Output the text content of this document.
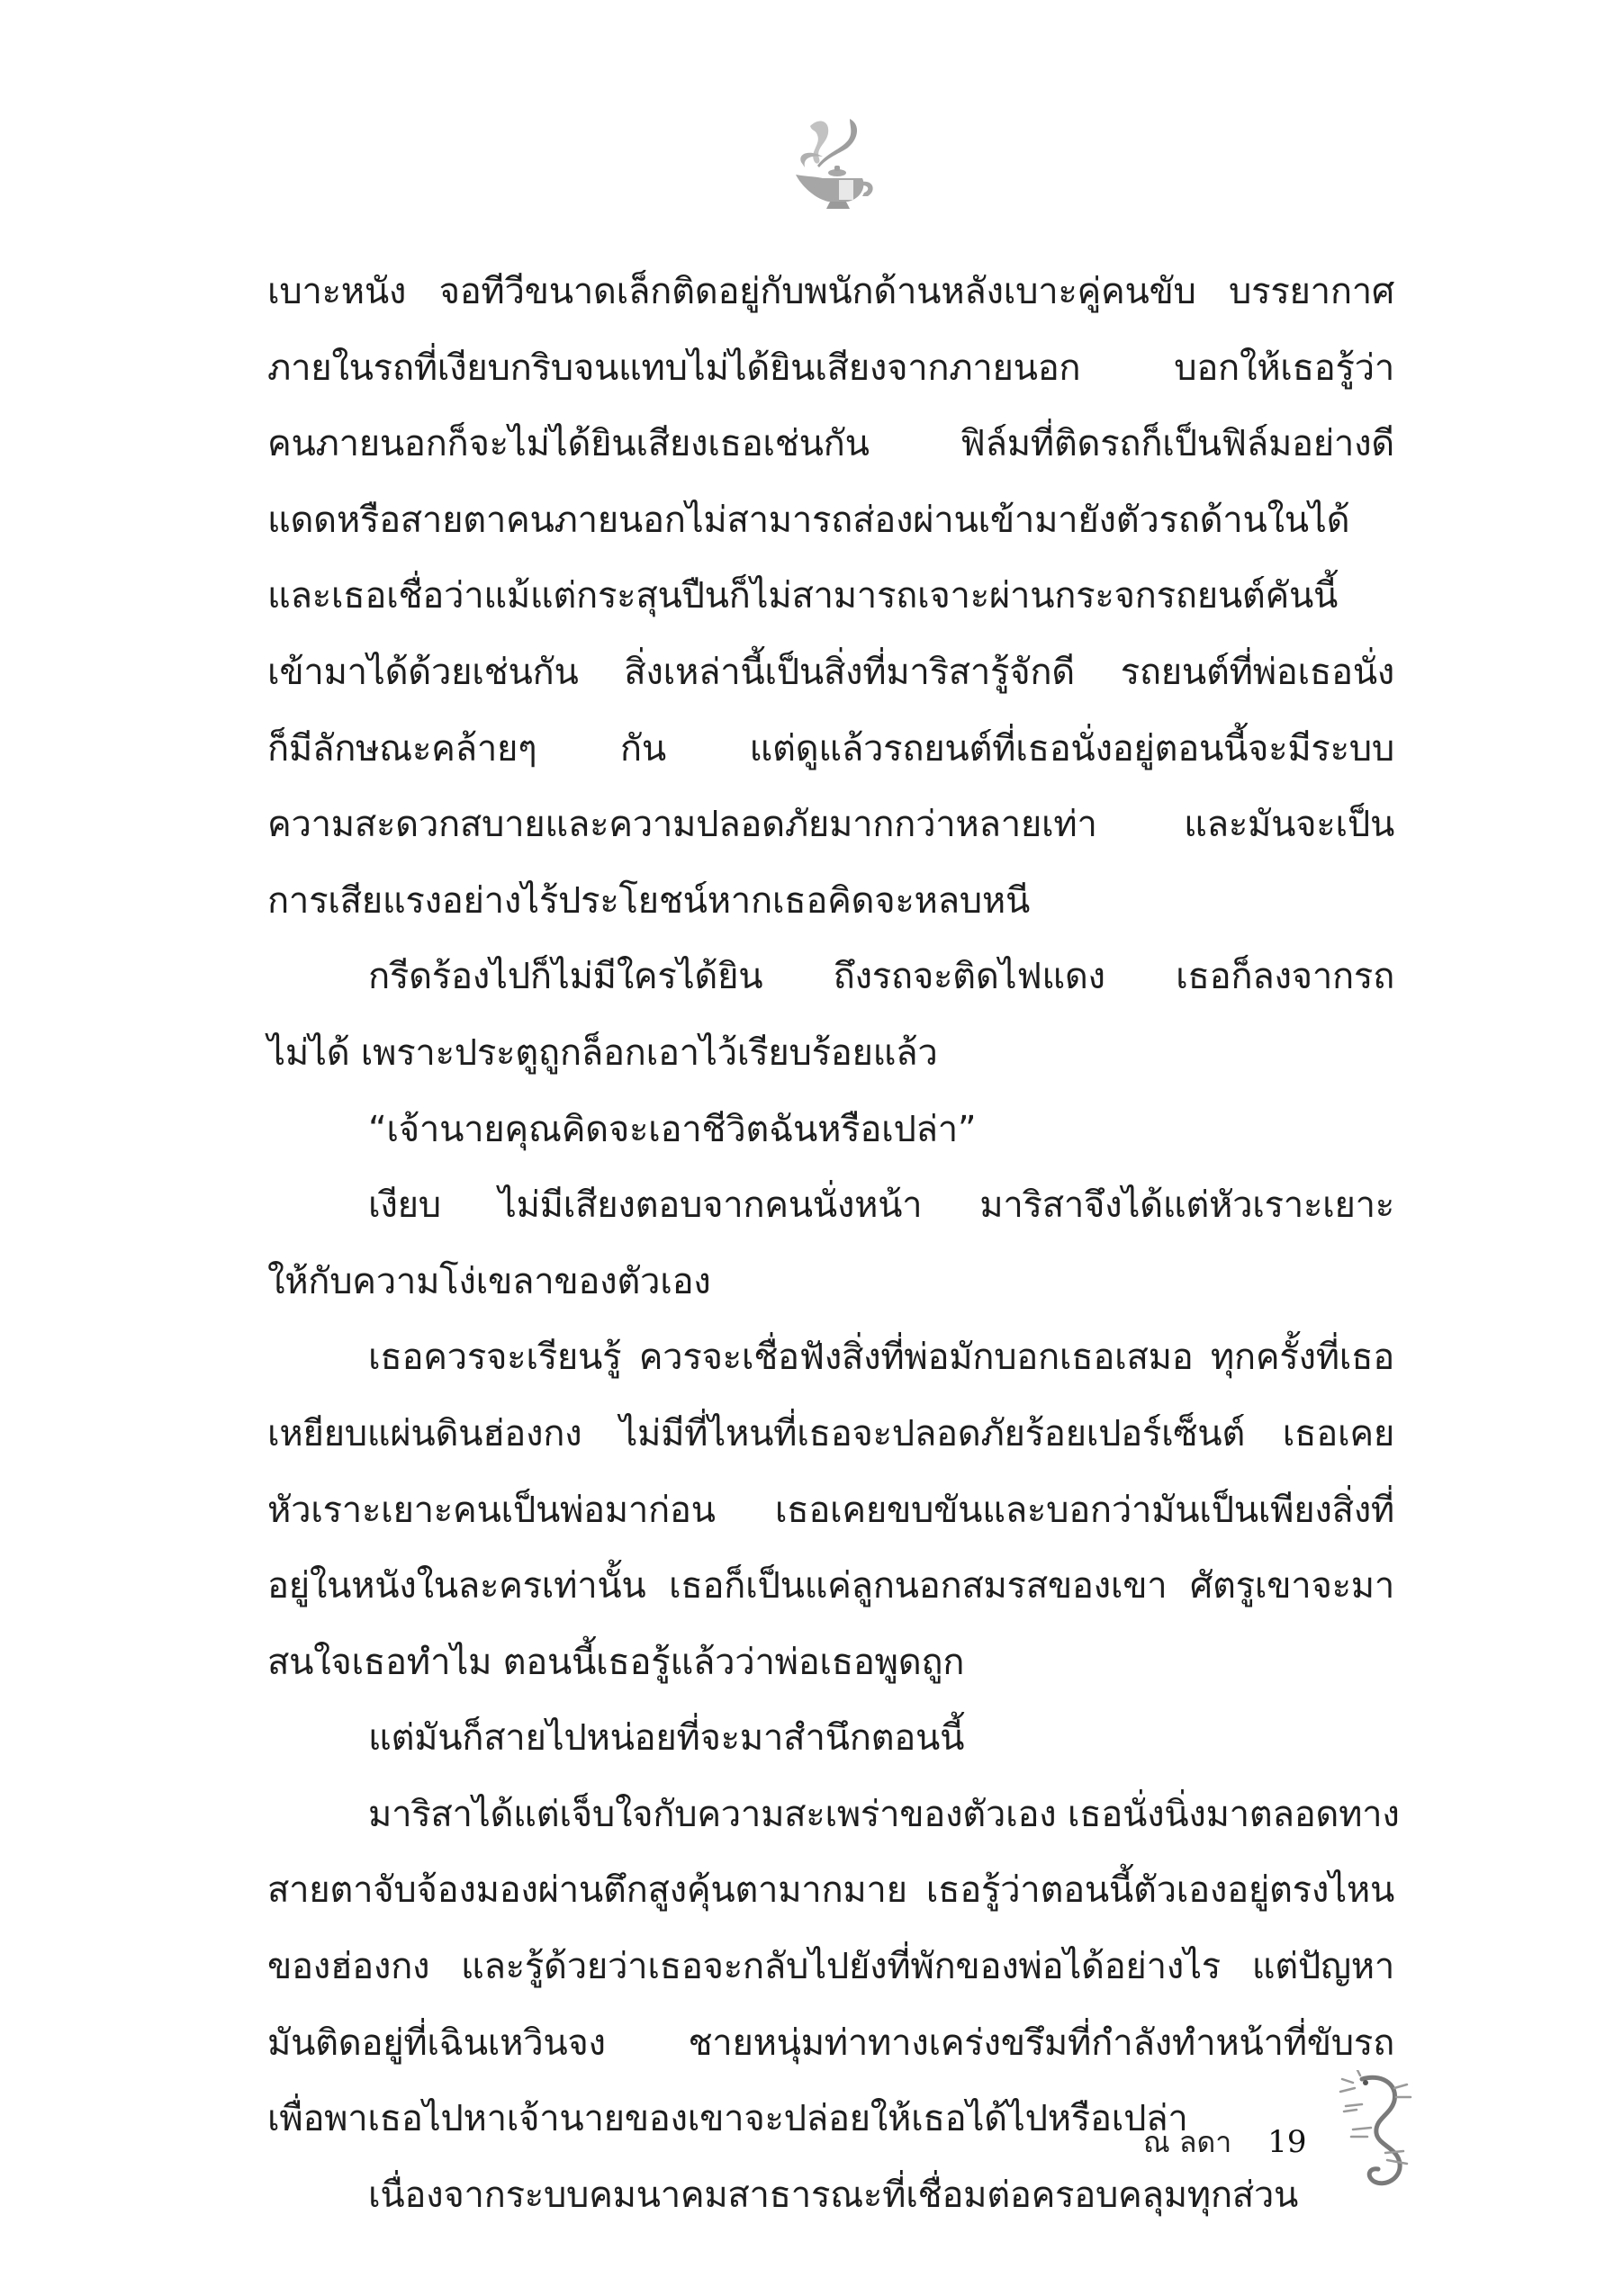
เบาะหนัง จอทีวีขนาดเล็กติดอยู่กับพนักด้านหลังเบาะคู่คนขับ บรรยากาศ
ภายในรถที่เงียบกริบจนแทบไม่ได้ยินเสียงจากภายนอก บอกให้เธอรู้ว่า
คนภายนอกก็จะไม่ได้ยินเสียงเธอเช่นกัน ฟิล์มที่ติดรถก็เป็นฟิล์มอย่างดี
แดดหรือสายตาคนภายนอกไม่สามารถส่องผ่านเข้ามายังตัวรถด้านในได้
และเธอเชื่อว่าแม้แต่กระสุนปืนก็ไม่สามารถเจาะผ่านกระจกรถยนต์คันนี้
เข้ามาได้ด้วยเช่นกัน สิ่งเหล่านี้เป็นสิ่งที่มาริสารู้จักดี รถยนต์ที่พ่อเธอนั่ง
ก็มีลักษณะคล้ายๆ กัน แต่ดูแล้วรถยนต์ที่เธอนั่งอยู่ตอนนี้จะมีระบบ
ความสะดวกสบายและความปลอดภัยมากกว่าหลายเท่า และมันจะเป็น
การเสียแรงอย่างไร้ประโยชน์หากเธอคิดจะหลบหนี
กรีดร้องไปก็ไม่มีใครได้ยิน ถึงรถจะติดไฟแดง เธอก็ลงจากรถ
ไม่ได้ เพราะประตูถูกล็อกเอาไว้เรียบร้อยแล้ว
“เจ้านายคุณคิดจะเอาชีวิตฉันหรือเปล่า”
เงียบ ไม่มีเสียงตอบจากคนนั่งหน้า มาริสาจึงได้แต่หัวเราะเยาะ
ให้กับความโง่เขลาของตัวเอง
เธอควรจะเรียนรู้ ควรจะเชื่อฟังสิ่งที่พ่อมักบอกเธอเสมอ ทุกครั้งที่เธอ
เหยียบแผ่นดินฮ่องกง ไม่มีที่ไหนที่เธอจะปลอดภัยร้อยเปอร์เซ็นต์ เธอเคย
หัวเราะเยาะคนเป็นพ่อมาก่อน เธอเคยขบขันและบอกว่ามันเป็นเพียงสิ่งที่
อยู่ในหนังในละครเท่านั้น เธอก็เป็นแค่ลูกนอกสมรสของเขา ศัตรูเขาจะมา
สนใจเธอทำไม ตอนนี้เธอรู้แล้วว่าพ่อเธอพูดถูก
แต่มันก็สายไปหน่อยที่จะมาสำนึกตอนนี้
มาริสาได้แต่เจ็บใจกับความสะเพร่าของตัวเอง เธอนั่งนิ่งมาตลอดทาง
สายตาจับจ้องมองผ่านตึกสูงคุ้นตามากมาย เธอรู้ว่าตอนนี้ตัวเองอยู่ตรงไหน
ของฮ่องกง และรู้ด้วยว่าเธอจะกลับไปยังที่พักของพ่อได้อย่างไร แต่ปัญหา
มันติดอยู่ที่เฉินเหวินจง ชายหนุ่มท่าทางเคร่งขรึมที่กำลังทำหน้าที่ขับรถ
เพื่อพาเธอไปหาเจ้านายของเขาจะปล่อยให้เธอได้ไปหรือเปล่า
เนื่องจากระบบคมนาคมสาธารณะที่เชื่อมต่อครอบคลุมทุกส่วน
ณ ลดา 19
